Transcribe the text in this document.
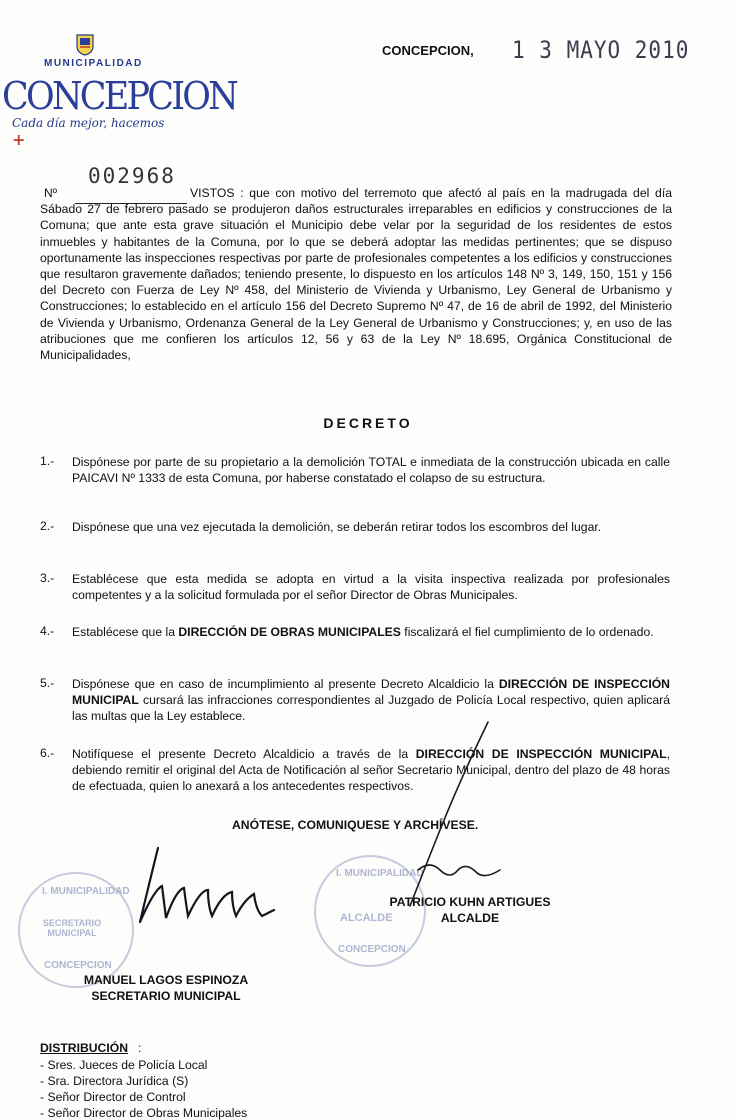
MUNICIPALIDAD
CONCEPCION
Cada día mejor, hacemos +
CONCEPCION, 1 3 MAYO 2010
Nº
002968
VISTOS : que con motivo del terremoto que afectó al país en la madrugada del día Sábado 27 de febrero pasado se produjeron daños estructurales irreparables en edificios y construcciones de la Comuna; que ante esta grave situación el Municipio debe velar por la seguridad de los residentes de estos inmuebles y habitantes de la Comuna, por lo que se deberá adoptar las medidas pertinentes; que se dispuso oportunamente las inspecciones respectivas por parte de profesionales competentes a los edificios y construcciones que resultaron gravemente dañados; teniendo presente, lo dispuesto en los artículos 148 Nº 3, 149, 150, 151 y 156 del Decreto con Fuerza de Ley Nº 458, del Ministerio de Vivienda y Urbanismo, Ley General de Urbanismo y Construcciones; lo establecido en el artículo 156 del Decreto Supremo Nº 47, de 16 de abril de 1992, del Ministerio de Vivienda y Urbanismo, Ordenanza General de la Ley General de Urbanismo y Construcciones; y, en uso de las atribuciones que me confieren los artículos 12, 56 y 63 de la Ley Nº 18.695, Orgánica Constitucional de Municipalidades,
DECRETO
1.- Dispónese por parte de su propietario a la demolición TOTAL e inmediata de la construcción ubicada en calle PAICAVI Nº 1333 de esta Comuna, por haberse constatado el colapso de su estructura.
2.- Dispónese que una vez ejecutada la demolición, se deberán retirar todos los escombros del lugar.
3.- Establécese que esta medida se adopta en virtud a la visita inspectiva realizada por profesionales competentes y a la solicitud formulada por el señor Director de Obras Municipales.
4.- Establécese que la DIRECCIÓN DE OBRAS MUNICIPALES fiscalizará el fiel cumplimiento de lo ordenado.
5.- Dispónese que en caso de incumplimiento al presente Decreto Alcaldicio la DIRECCIÓN DE INSPECCIÓN MUNICIPAL cursará las infracciones correspondientes al Juzgado de Policía Local respectivo, quien aplicará las multas que la Ley establece.
6.- Notifíquese el presente Decreto Alcaldicio a través de la DIRECCIÓN DE INSPECCIÓN MUNICIPAL, debiendo remitir el original del Acta de Notificación al señor Secretario Municipal, dentro del plazo de 48 horas de efectuada, quien lo anexará a los antecedentes respectivos.
ANÓTESE, COMUNIQUESE Y ARCHÍVESE.
I. MUNICIPALIDAD
SECRETARIO MUNICIPAL
CONCEPCION
I. MUNICIPALIDAD
ALCALDE
CONCEPCION
PATRICIO KUHN ARTIGUES
ALCALDE
MANUEL LAGOS ESPINOZA
SECRETARIO MUNICIPAL
DISTRIBUCIÓN :
- Sres. Jueces de Policía Local
- Sra. Directora Jurídica (S)
- Señor Director de Control
- Señor Director de Obras Municipales
